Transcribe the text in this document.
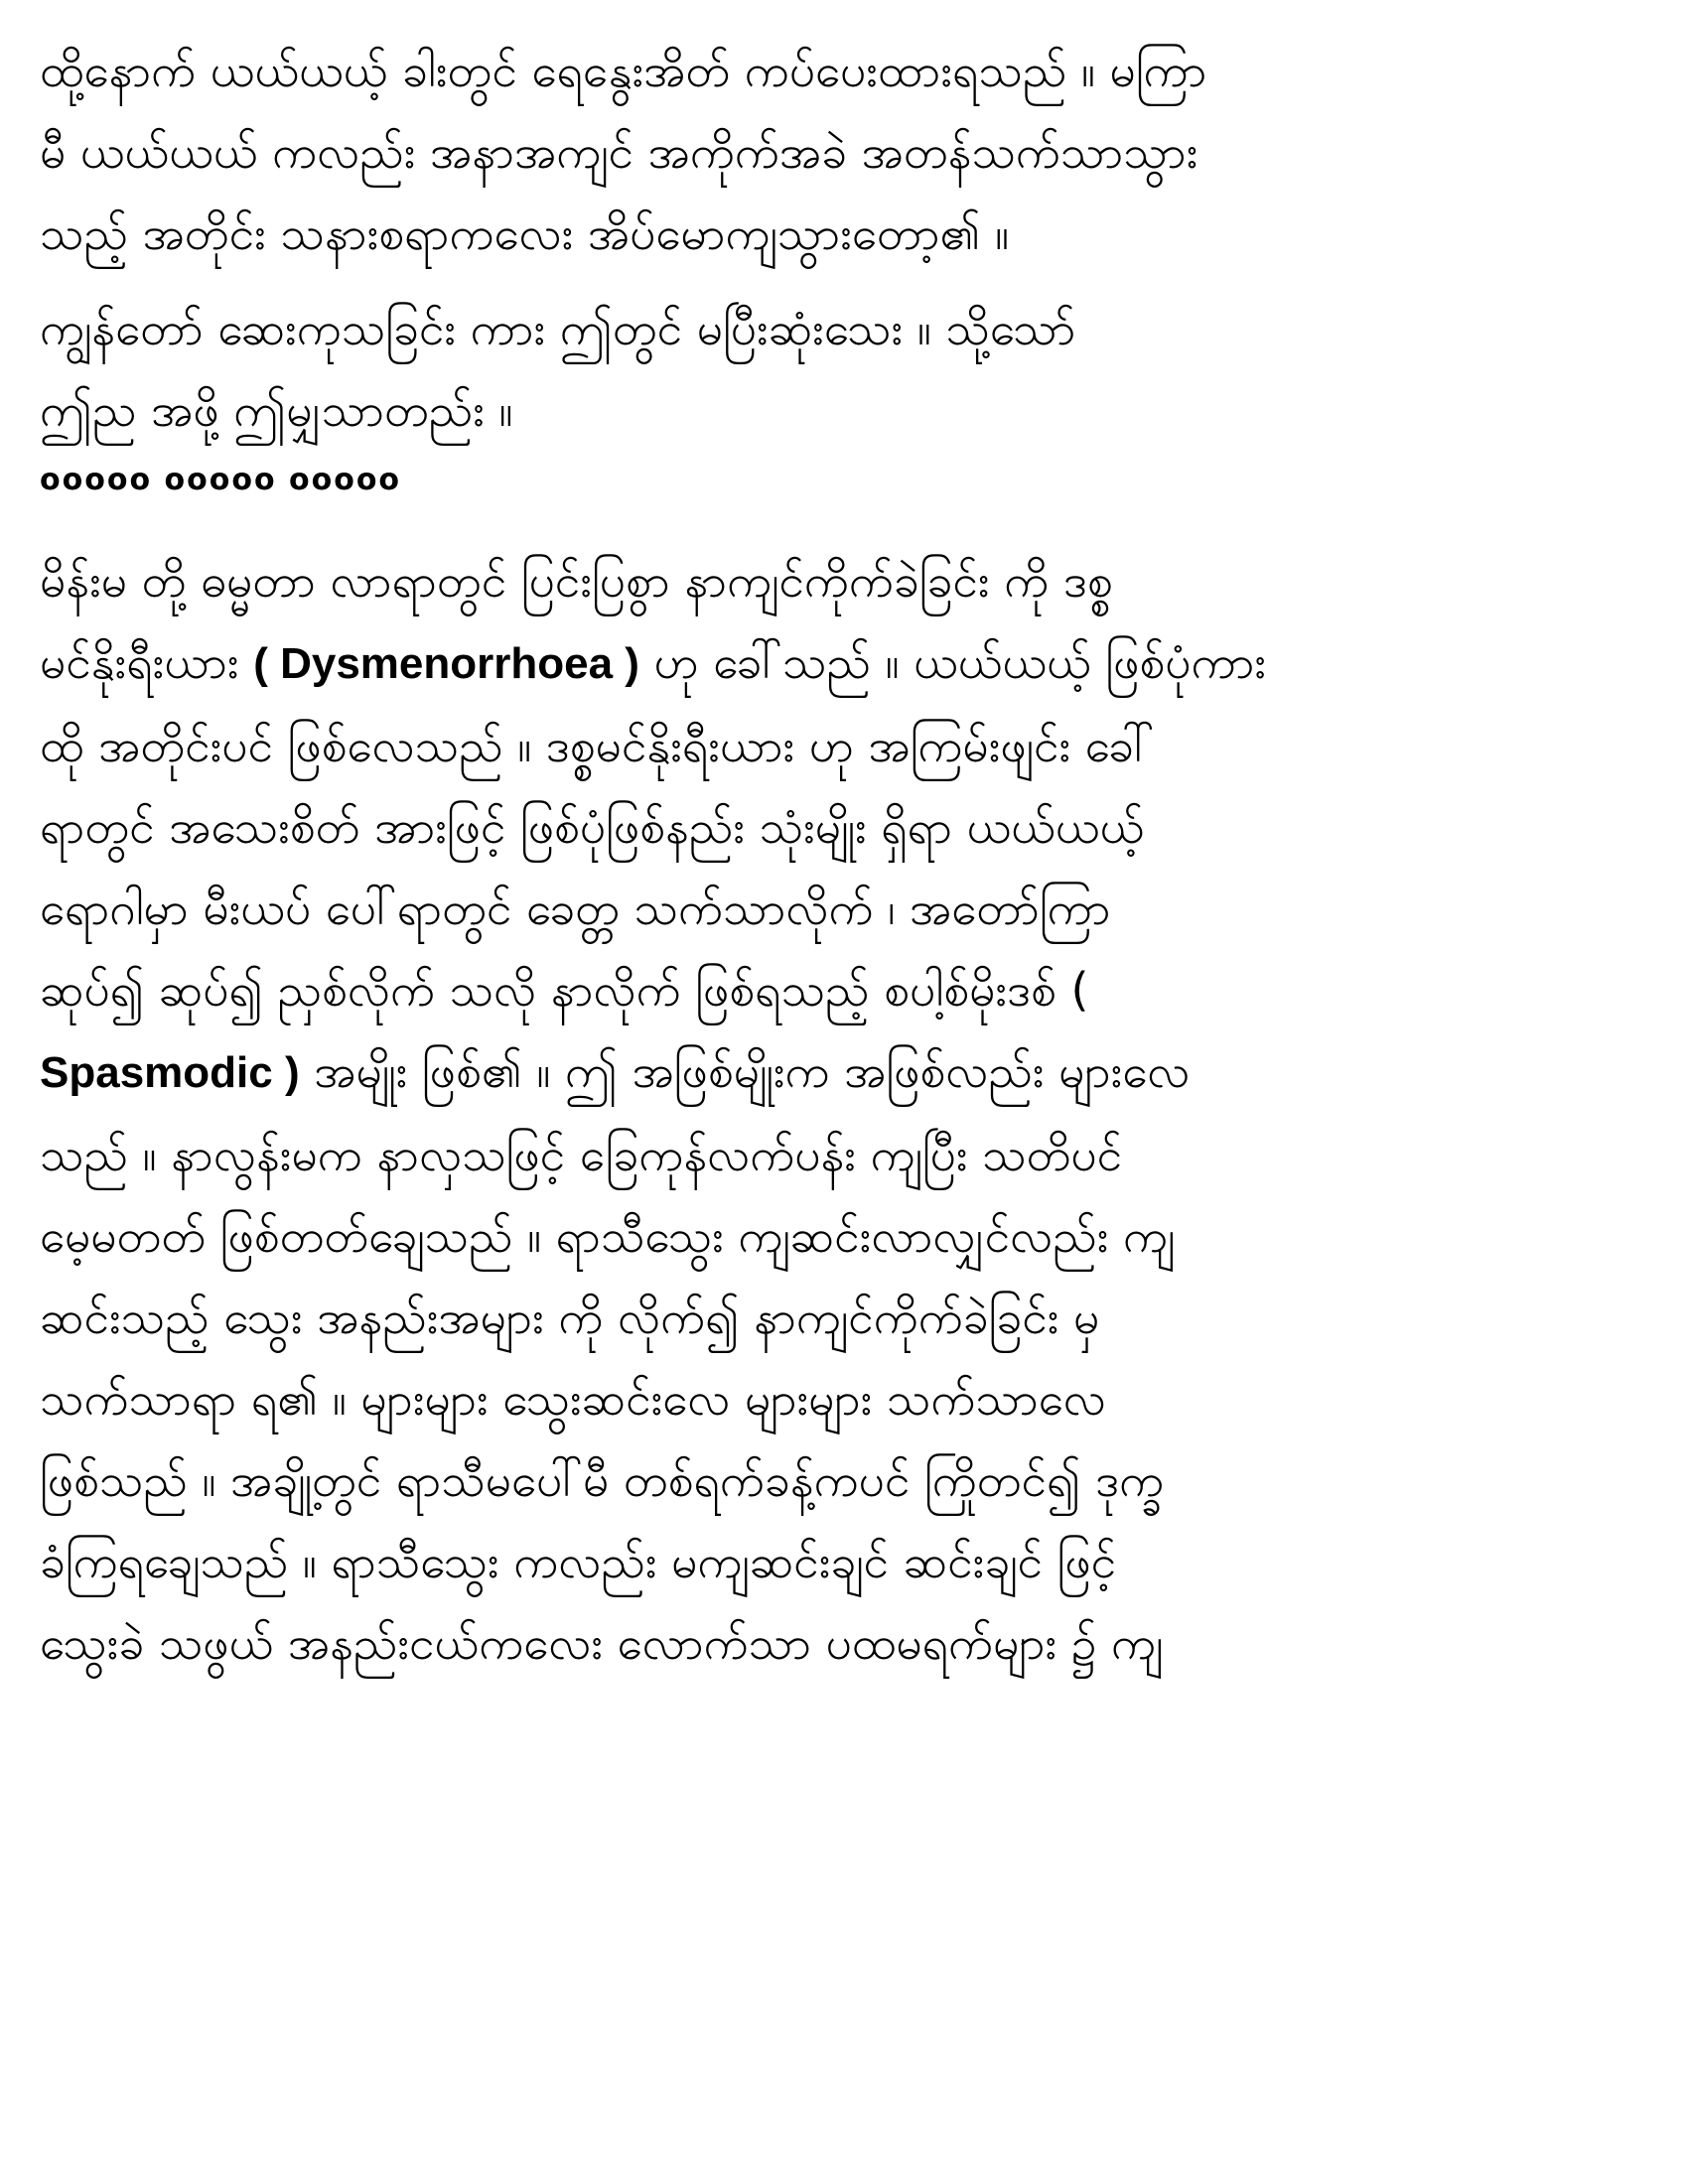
ထို့နောက် ယယ်ယယ့် ခါးတွင် ရေနွေးအိတ် ကပ်ပေးထားရသည် ။ မကြာ
မီ ယယ်ယယ် ကလည်း အနာအကျင် အကိုက်အခဲ အတန်သက်သာသွား
သည့် အတိုင်း သနားစရာကလေး အိပ်မောကျသွားတော့၏ ။
ကျွန်တော် ဆေးကုသခြင်း ကား ဤတွင် မပြီးဆုံးသေး ။ သို့သော်
ဤည အဖို့ ဤမျှသာတည်း ။
ooooo ooooo ooooo
မိန်းမ တို့ ဓမ္မတာ လာရာတွင် ပြင်းပြစွာ နာကျင်ကိုက်ခဲခြင်း ကို ဒစ္စ
မင်နိုးရီးယား ( Dysmenorrhoea ) ဟု ခေါ်သည် ။ ယယ်ယယ့် ဖြစ်ပုံကား
ထို အတိုင်းပင် ဖြစ်လေသည် ။ ဒစ္စမင်နိုးရီးယား ဟု အကြမ်းဖျင်း ခေါ်
ရာတွင် အသေးစိတ် အားဖြင့် ဖြစ်ပုံဖြစ်နည်း သုံးမျိုး ရှိရာ ယယ်ယယ့်
ရောဂါမှာ မီးယပ် ပေါ်ရာတွင် ခေတ္တ သက်သာလိုက် ၊ အတော်ကြာ
ဆုပ်၍ ဆုပ်၍ ညှစ်လိုက် သလို နာလိုက် ဖြစ်ရသည့် စပါ့စ်မိုးဒစ် (
Spasmodic ) အမျိုး ဖြစ်၏ ။ ဤ အဖြစ်မျိုးက အဖြစ်လည်း များလေ
သည် ။ နာလွန်းမက နာလှသဖြင့် ခြေကုန်လက်ပန်း ကျပြီး သတိပင်
မေ့မတတ် ဖြစ်တတ်ချေသည် ။ ရာသီသွေး ကျဆင်းလာလျှင်လည်း ကျ
ဆင်းသည့် သွေး အနည်းအများ ကို လိုက်၍ နာကျင်ကိုက်ခဲခြင်း မှ
သက်သာရာ ရ၏ ။ များများ သွေးဆင်းလေ များများ သက်သာလေ
ဖြစ်သည် ။ အချို့တွင် ရာသီမပေါ်မီ တစ်ရက်ခန့်ကပင် ကြိုတင်၍ ဒုက္ခ
ခံကြရချေသည် ။ ရာသီသွေး ကလည်း မကျဆင်းချင် ဆင်းချင် ဖြင့်
သွေးခဲ သဖွယ် အနည်းငယ်ကလေး လောက်သာ ပထမရက်များ ၌ ကျ
